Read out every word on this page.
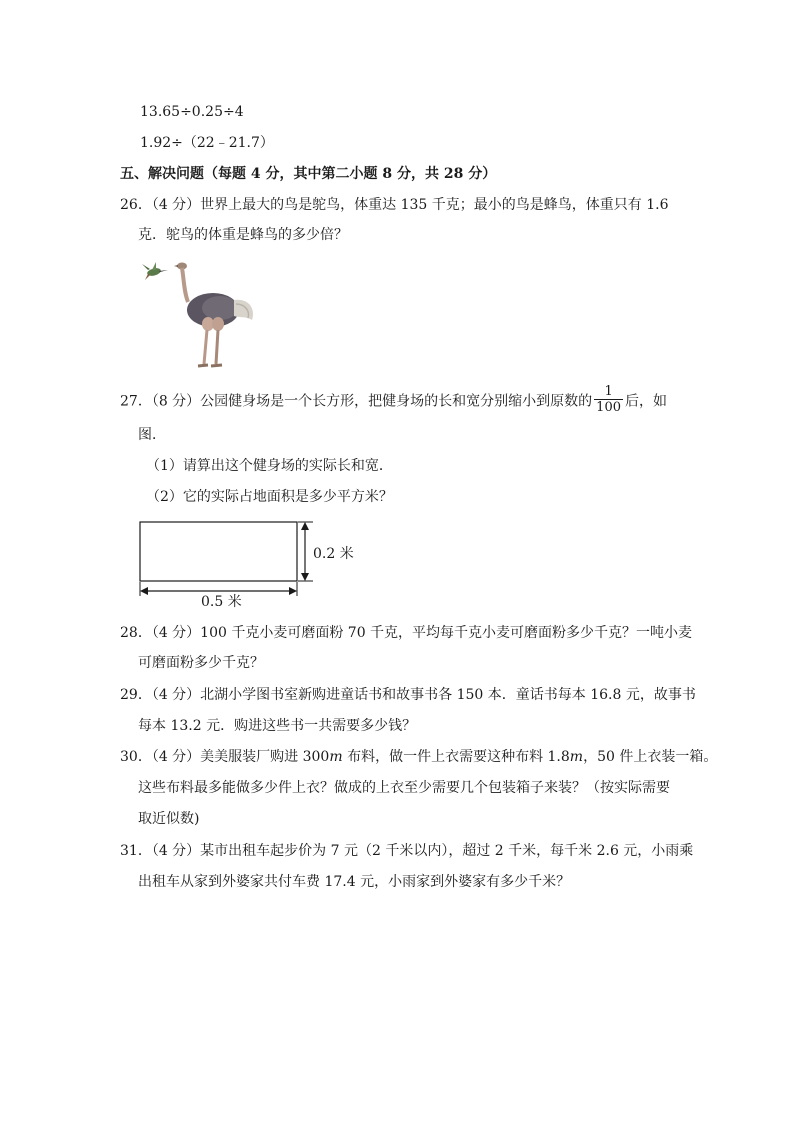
13.65÷0.25÷4
1.92÷（22﹣21.7）
五、解决问题（每题 4 分，其中第二小题 8 分，共 28 分）
26．（4 分）世界上最大的鸟是鸵鸟，体重达 135 千克；最小的鸟是蜂鸟，体重只有 1.6
克．鸵鸟的体重是蜂鸟的多少倍？
27．（8 分）公园健身场是一个长方形，把健身场的长和宽分别缩小到原数的 $\frac{1}{100}$ 后，如
图．
（1）请算出这个健身场的实际长和宽．
（2）它的实际占地面积是多少平方米？
0.2 米
0.5 米
28．（4 分）100 千克小麦可磨面粉 70 千克，平均每千克小麦可磨面粉多少千克？一吨小麦
可磨面粉多少千克？
29．（4 分）北湖小学图书室新购进童话书和故事书各 150 本．童话书每本 16.8 元，故事书
每本 13.2 元．购进这些书一共需要多少钱？
30．（4 分）美美服装厂购进 300m 布料，做一件上衣需要这种布料 1.8m，50 件上衣装一箱。
这些布料最多能做多少件上衣？做成的上衣至少需要几个包装箱子来装？（按实际需要
取近似数)
31．（4 分）某市出租车起步价为 7 元（2 千米以内），超过 2 千米，每千米 2.6 元，小雨乘
出租车从家到外婆家共付车费 17.4 元，小雨家到外婆家有多少千米？
